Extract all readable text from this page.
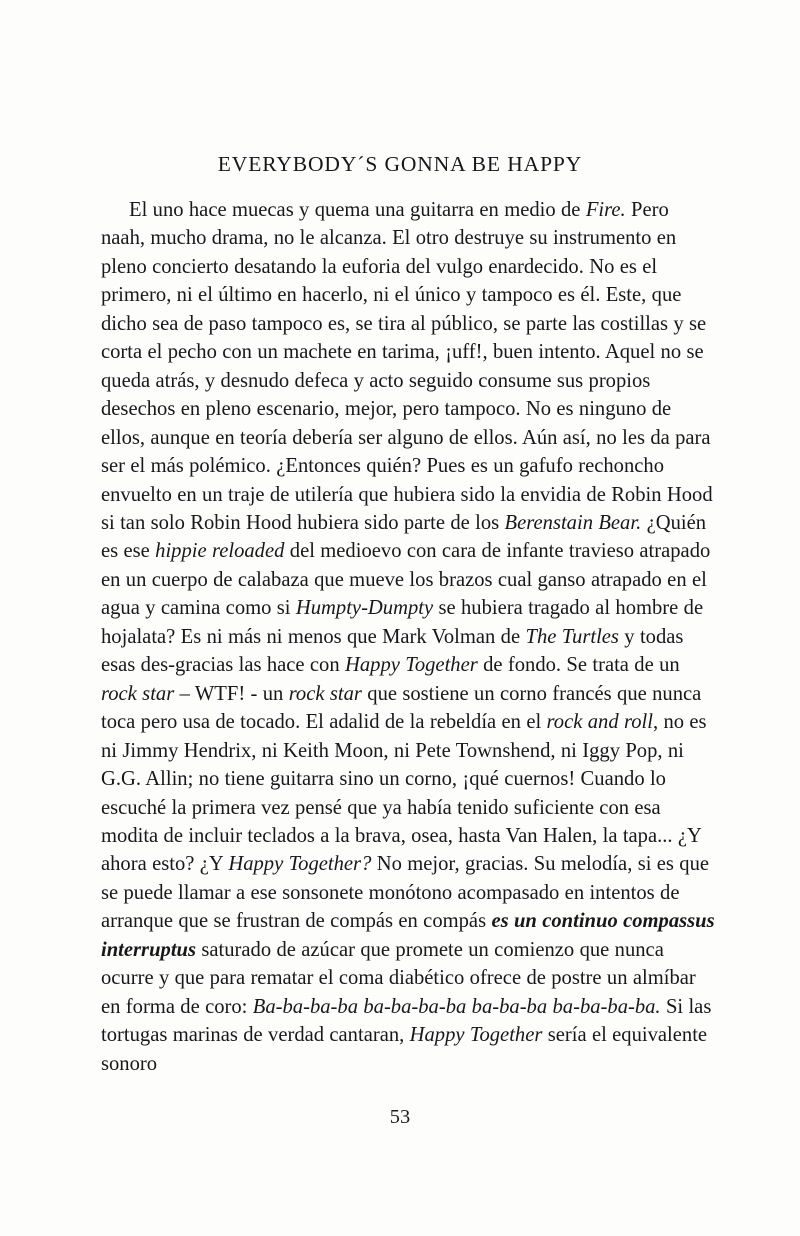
EVERYBODY´S GONNA BE HAPPY

El uno hace muecas y quema una guitarra en medio de Fire. Pero naah, mucho drama, no le alcanza. El otro destruye su instrumento en pleno concierto desatando la euforia del vulgo enardecido. No es el primero, ni el último en hacerlo, ni el único y tampoco es él. Este, que dicho sea de paso tampoco es, se tira al público, se parte las costillas y se corta el pecho con un machete en tarima, ¡uff!, buen intento. Aquel no se queda atrás, y desnudo defeca y acto seguido consume sus propios desechos en pleno escenario, mejor, pero tampoco. No es ninguno de ellos, aunque en teoría debería ser alguno de ellos. Aún así, no les da para ser el más polémico. ¿Entonces quién? Pues es un gafufo rechoncho envuelto en un traje de utilería que hubiera sido la envidia de Robin Hood si tan solo Robin Hood hubiera sido parte de los Berenstain Bear. ¿Quién es ese hippie reloaded del medioevo con cara de infante travieso atrapado en un cuerpo de calabaza que mueve los brazos cual ganso atrapado en el agua y camina como si Humpty-Dumpty se hubiera tragado al hombre de hojalata? Es ni más ni menos que Mark Volman de The Turtles y todas esas des-gracias las hace con Happy Together de fondo. Se trata de un rock star – WTF! - un rock star que sostiene un corno francés que nunca toca pero usa de tocado. El adalid de la rebeldía en el rock and roll, no es ni Jimmy Hendrix, ni Keith Moon, ni Pete Townshend, ni Iggy Pop, ni G.G. Allin; no tiene guitarra sino un corno, ¡qué cuernos! Cuando lo escuché la primera vez pensé que ya había tenido suficiente con esa modita de incluir teclados a la brava, osea, hasta Van Halen, la tapa... ¿Y ahora esto? ¿Y Happy Together? No mejor, gracias. Su melodía, si es que se puede llamar a ese sonsonete monótono acompasado en intentos de arranque que se frustran de compás en compás es un continuo compassus interruptus saturado de azúcar que promete un comienzo que nunca ocurre y que para rematar el coma diabético ofrece de postre un almíbar en forma de coro: Ba-ba-ba-ba ba-ba-ba-ba ba-ba-ba ba-ba-ba-ba. Si las tortugas marinas de verdad cantaran, Happy Together sería el equivalente sonoro

53
